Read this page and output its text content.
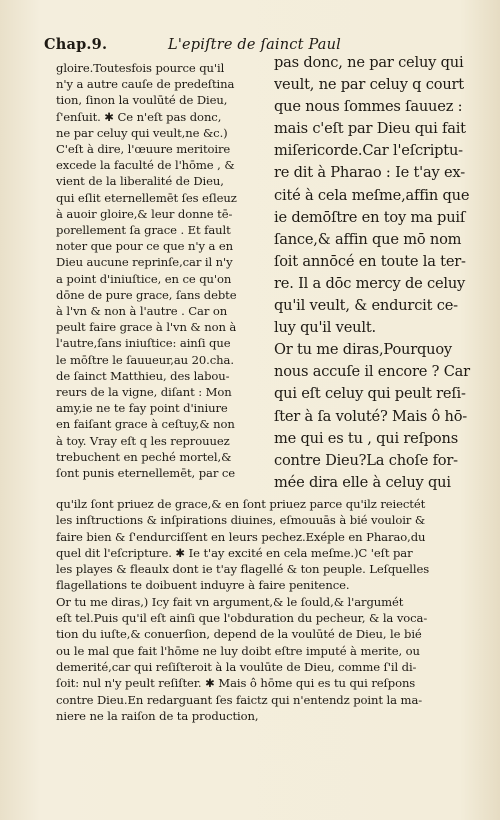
Chap.9.	L'epiſtre de ſainct Paul
gloire.Toutesfois pource qu'il
n'y a autre cauſe de predeſtina
tion, ſinon la voulūté de Dieu,
ſ'enſuit. ✱ Ce n'eſt pas donc,
ne par celuy qui veult,ne &c.)
C'eſt à dire, l'œuure meritoire
excede la faculté de l'hōme , &
vient de la liberalité de Dieu,
qui eſlit eternellemēt ſes eſleuz
à auoir gloire,& leur donne tē-
porellement ſa grace . Et fault
noter que pour ce que n'y a en
Dieu aucune reprinſe,car il n'y
a point d'iniuſtice, en ce qu'on
dōne de pure grace, ſans debte
à l'vn & non à l'autre . Car on
peult faire grace à l'vn & non à
l'autre,ſans iniuſtice: ainſi que
le mōſtre le ſauueur,au 20.cha.
de ſainct Matthieu, des labou-
reurs de la vigne, diſant : Mon
amy,ie ne te fay point d'iniure
en faiſant grace à ceſtuy,& non
à toy. Vray eſt q les reprouuez
trebuchent en peché mortel,&
ſont punis eternellemēt, par ce
pas donc, ne par celuy qui
veult, ne par celuy q court
que nous ſommes ſauuez :
mais c'eſt par Dieu qui fait
miſericorde.Car l'eſcriptu-
re dit à Pharao : Ie t'ay ex-
cité à cela meſme,affin que
ie demōſtre en toy ma puiſ
ſance,& affin que mō nom
ſoit annōcé en toute la ter-
re. Il a dōc mercy de celuy
qu'il veult, & endurcit ce-
luy qu'il veult.
Or tu me diras,Pourquoy
nous accuſe il encore ? Car
qui eſt celuy qui peult reſi-
ſter à ſa voluté? Mais ô hō-
me qui es tu , qui reſpons
contre Dieu?La choſe for-
mée dira elle à celuy qui
qu'ilz ſont priuez de grace,& en ſont priuez parce qu'ilz reiectét
les inſtructions & inſpirations diuines, eſmouuās à bié vouloir &
faire bien & ſ'endurciſſent en leurs pechez.Exéple en Pharao,du
quel dit l'eſcripture. ✱ Ie t'ay excité en cela meſme.)C 'eſt par
les playes & fleaulx dont ie t'ay flagellé & ton peuple. Leſquelles
flagellations te doibuent induyre à faire penitence.
Or tu me diras,) Icy fait vn argument,& le ſould,& l'argumét
eſt tel.Puis qu'il eſt ainſi que l'obduration du pecheur, & la voca-
tion du iuſte,& conuerſion, depend de la voulūté de Dieu, le bié
ou le mal que fait l'hōme ne luy doibt eſtre imputé à merite, ou
demerité,car qui reſiſteroit à la voulūte de Dieu, comme ſ'il di-
ſoit: nul n'y peult reſiſter. ✱ Mais ô hōme qui es tu qui reſpons
contre Dieu.En redarguant ſes faictz qui n'entendz point la ma-
niere ne la raiſon de ta production,
